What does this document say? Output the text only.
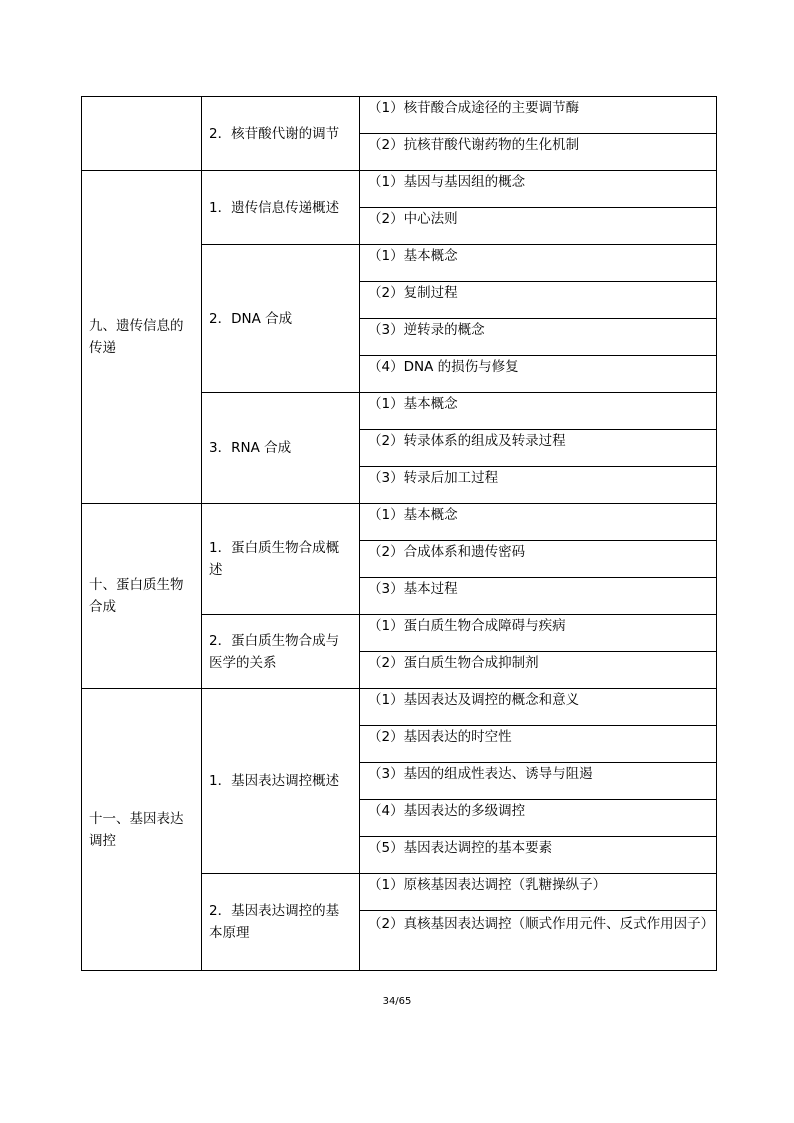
	2．核苷酸代谢的调节	（1）核苷酸合成途径的主要调节酶
		（2）抗核苷酸代谢药物的生化机制
九、遗传信息的传递	1．遗传信息传递概述	（1）基因与基因组的概念
		（2）中心法则
	2．DNA 合成	（1）基本概念
		（2）复制过程
		（3）逆转录的概念
		（4）DNA 的损伤与修复
	3．RNA 合成	（1）基本概念
		（2）转录体系的组成及转录过程
		（3）转录后加工过程
十、蛋白质生物合成	1．蛋白质生物合成概述	（1）基本概念
		（2）合成体系和遗传密码
		（3）基本过程
	2．蛋白质生物合成与医学的关系	（1）蛋白质生物合成障碍与疾病
		（2）蛋白质生物合成抑制剂
十一、基因表达调控	1．基因表达调控概述	（1）基因表达及调控的概念和意义
		（2）基因表达的时空性
		（3）基因的组成性表达、诱导与阻遏
		（4）基因表达的多级调控
		（5）基因表达调控的基本要素
	2．基因表达调控的基本原理	（1）原核基因表达调控（乳糖操纵子）
		（2）真核基因表达调控（顺式作用元件、反式作用因子）
34/65
